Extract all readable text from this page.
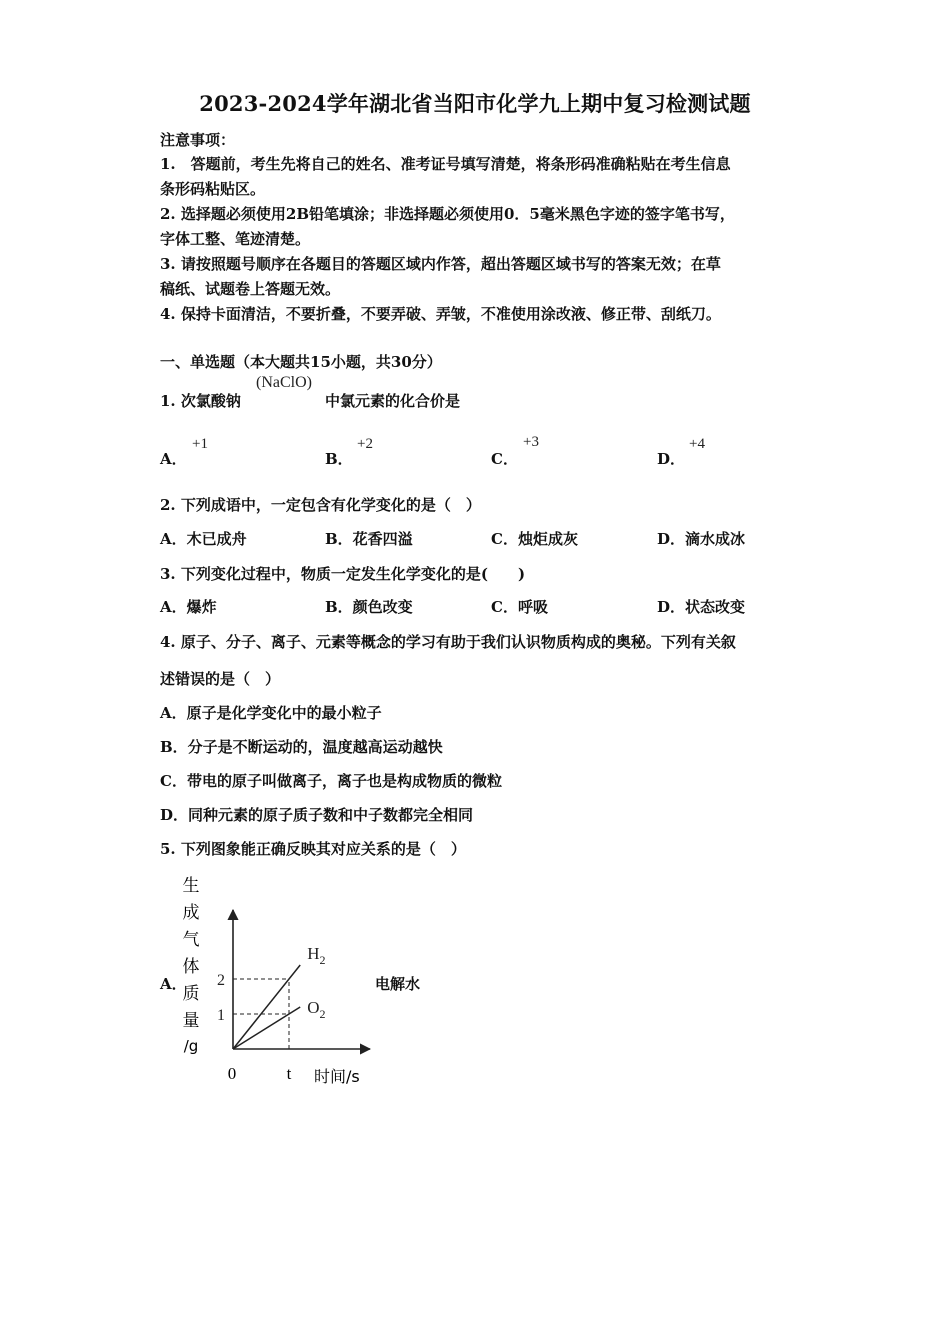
2023-2024学年湖北省当阳市化学九上期中复习检测试题
注意事项：
1.　答题前，考生先将自己的姓名、准考证号填写清楚，将条形码准确粘贴在考生信息
条形码粘贴区。
2. 选择题必须使用2B铅笔填涂；非选择题必须使用0．5毫米黑色字迹的签字笔书写，
字体工整、笔迹清楚。
3. 请按照题号顺序在各题目的答题区域内作答，超出答题区域书写的答案无效；在草
稿纸、试题卷上答题无效。
4. 保持卡面清洁，不要折叠，不要弄破、弄皱，不准使用涂改液、修正带、刮纸刀。
一、单选题（本大题共15小题，共30分）
1. 次氯酸钠
(NaClO)
中氯元素的化合价是
A．
+1
B．
+2
C．
+3
D．
+4
2. 下列成语中，一定包含有化学变化的是（　）
A．木已成舟	B．花香四溢	C．烛炬成灰	D．滴水成冰
3. 下列变化过程中，物质一定发生化学变化的是(　　)
A．爆炸	B．颜色改变	C．呼吸	D．状态改变
4. 原子、分子、离子、元素等概念的学习有助于我们认识物质构成的奥秘。下列有关叙
述错误的是（　）
A．原子是化学变化中的最小粒子
B．分子是不断运动的，温度越高运动越快
C．带电的原子叫做离子，离子也是构成物质的微粒
D．同种元素的原子质子数和中子数都完全相同
5. 下列图象能正确反映其对应关系的是（　）
A．	电解水
生
成
气
体
质
量
/g
1
2
$H_2$
$O_2$
0	t 时间/s
